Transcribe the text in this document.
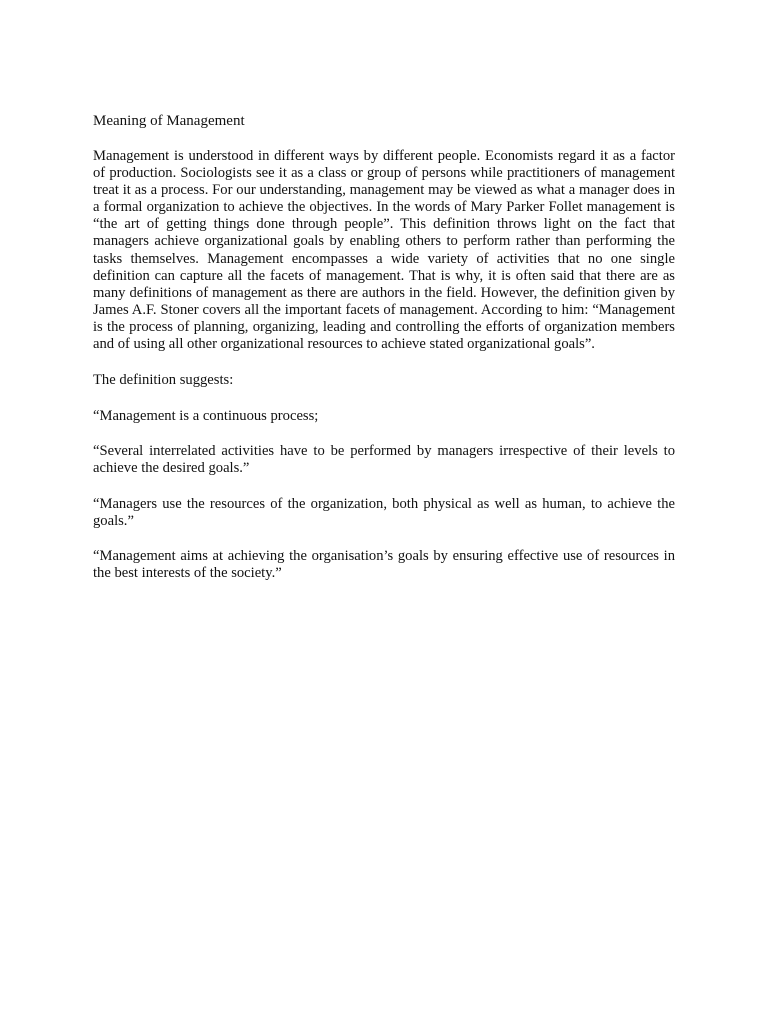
Meaning of Management

Management is understood in different ways by different people. Economists regard it as a factor of production. Sociologists see it as a class or group of persons while practitioners of management treat it as a process. For our understanding, management may be viewed as what a manager does in a formal organization to achieve the objectives. In the words of Mary Parker Follet management is “the art of getting things done through people”. This definition throws light on the fact that managers achieve organizational goals by enabling others to perform rather than performing the tasks themselves. Management encompasses a wide variety of activities that no one single definition can capture all the facets of management. That is why, it is often said that there are as many definitions of management as there are authors in the field. However, the definition given by James A.F. Stoner covers all the important facets of management. According to him: “Management is the process of planning, organizing, leading and controlling the efforts of organization members and of using all other organizational resources to achieve stated organizational goals”.

The definition suggests:

“Management is a continuous process;

“Several interrelated activities have to be performed by managers irrespective of their levels to achieve the desired goals.”

“Managers use the resources of the organization, both physical as well as human, to achieve the goals.”

“Management aims at achieving the organisation’s goals by ensuring effective use of resources in the best interests of the society.”
